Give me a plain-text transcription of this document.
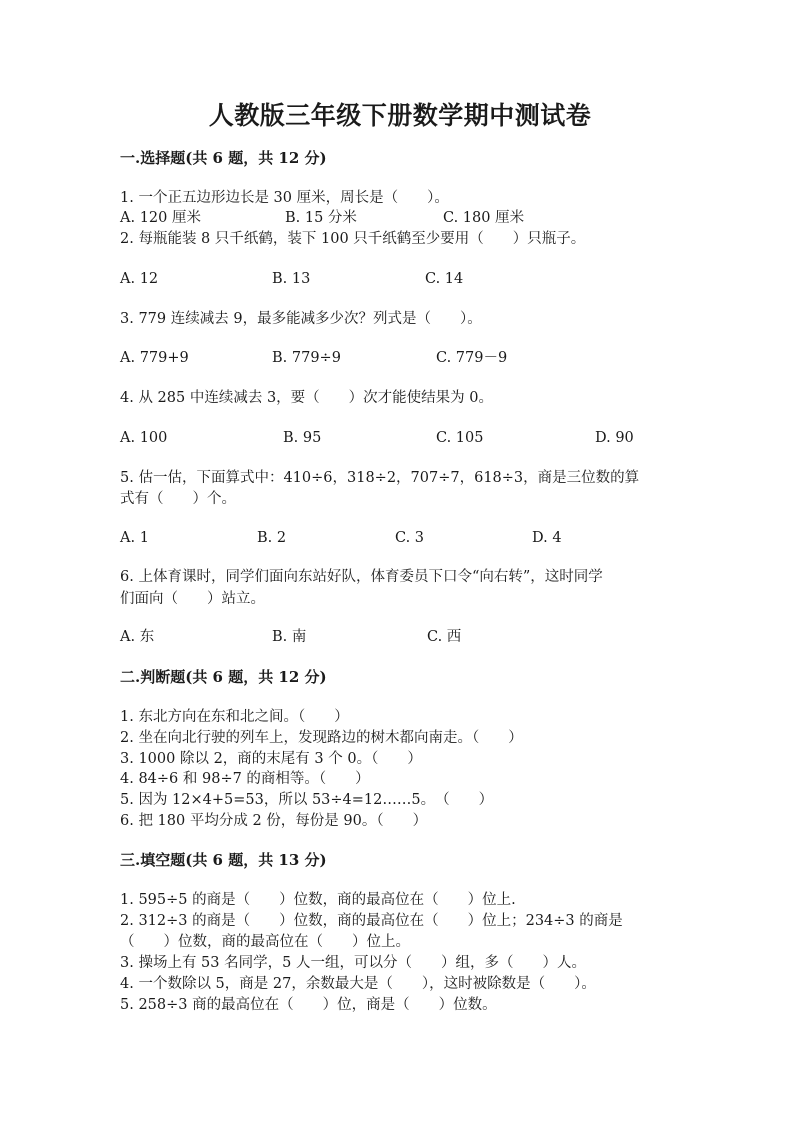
人教版三年级下册数学期中测试卷
一.选择题(共 6 题，共 12 分)
1. 一个正五边形边长是 30 厘米，周长是（　　）。
A. 120 厘米	B. 15 分米	C. 180 厘米
2. 每瓶能装 8 只千纸鹤，装下 100 只千纸鹤至少要用（　　）只瓶子。
A. 12	B. 13	C. 14
3. 779 连续减去 9，最多能减多少次？列式是（　　）。
A. 779+9	B. 779÷9	C. 779－9
4. 从 285 中连续减去 3，要（　　）次才能使结果为 0。
A. 100	B. 95	C. 105	D. 90
5. 估一估，下面算式中：410÷6，318÷2，707÷7，618÷3，商是三位数的算
式有（　　）个。
A. 1	B. 2	C. 3	D. 4
6. 上体育课时，同学们面向东站好队，体育委员下口令“向右转”，这时同学
们面向（　　）站立。
A. 东	B. 南	C. 西
二.判断题(共 6 题，共 12 分)
1. 东北方向在东和北之间。（　　）
2. 坐在向北行驶的列车上，发现路边的树木都向南走。（　　）
3. 1000 除以 2，商的末尾有 3 个 0。（　　）
4. 84÷6 和 98÷7 的商相等。（　　）
5. 因为 12×4+5=53，所以 53÷4=12……5。　（　　）
6. 把 180 平均分成 2 份，每份是 90。（　　）
三.填空题(共 6 题，共 13 分)
1. 595÷5 的商是（　　）位数，商的最高位在（　　）位上.
2. 312÷3 的商是（　　）位数，商的最高位在（　　）位上；234÷3 的商是
（　　）位数，商的最高位在（　　）位上。
3. 操场上有 53 名同学，5 人一组，可以分（　　）组，多（　　）人。
4. 一个数除以 5，商是 27，余数最大是（　　），这时被除数是（　　）。
5. 258÷3 商的最高位在（　　）位，商是（　　）位数。
